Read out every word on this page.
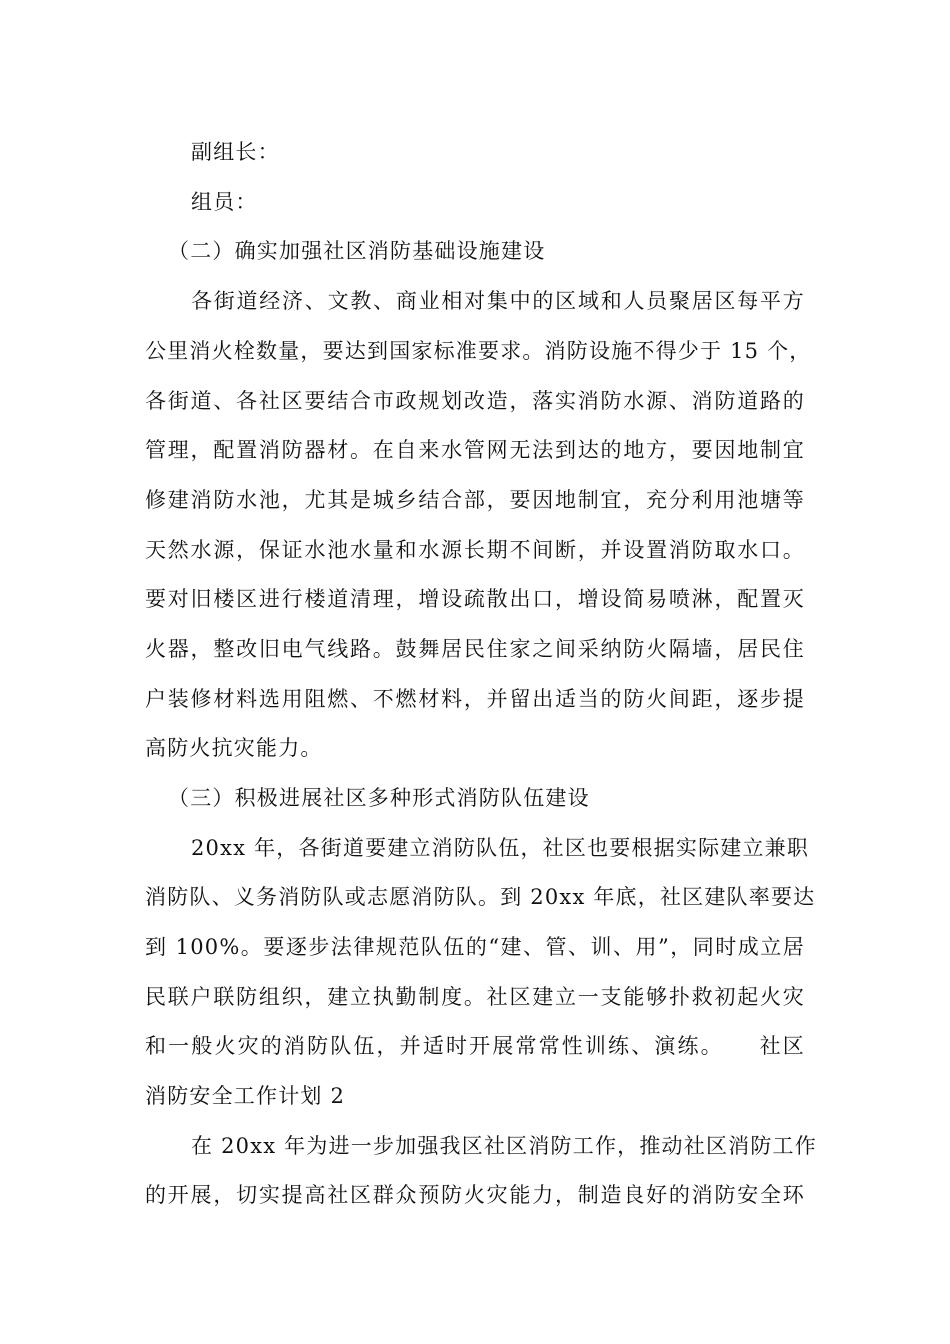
副组长：
组员：
（二）确实加强社区消防基础设施建设
各街道经济、文教、商业相对集中的区域和人员聚居区每平方
公里消火栓数量，要达到国家标准要求。消防设施不得少于 15 个，
各街道、各社区要结合市政规划改造，落实消防水源、消防道路的
管理，配置消防器材。在自来水管网无法到达的地方，要因地制宜
修建消防水池，尤其是城乡结合部，要因地制宜，充分利用池塘等
天然水源，保证水池水量和水源长期不间断，并设置消防取水口。
要对旧楼区进行楼道清理，增设疏散出口，增设简易喷淋，配置灭
火器，整改旧电气线路。鼓舞居民住家之间采纳防火隔墙，居民住
户装修材料选用阻燃、不燃材料，并留出适当的防火间距，逐步提
高防火抗灾能力。
（三）积极进展社区多种形式消防队伍建设
20xx 年，各街道要建立消防队伍，社区也要根据实际建立兼职
消防队、义务消防队或志愿消防队。到 20xx 年底，社区建队率要达
到 100%。要逐步法律规范队伍的“建、管、训、用”，同时成立居
民联户联防组织，建立执勤制度。社区建立一支能够扑救初起火灾
和一般火灾的消防队伍，并适时开展常常性训练、演练。　　社区
消防安全工作计划 2
在 20xx 年为进一步加强我区社区消防工作，推动社区消防工作
的开展，切实提高社区群众预防火灾能力，制造良好的消防安全环
